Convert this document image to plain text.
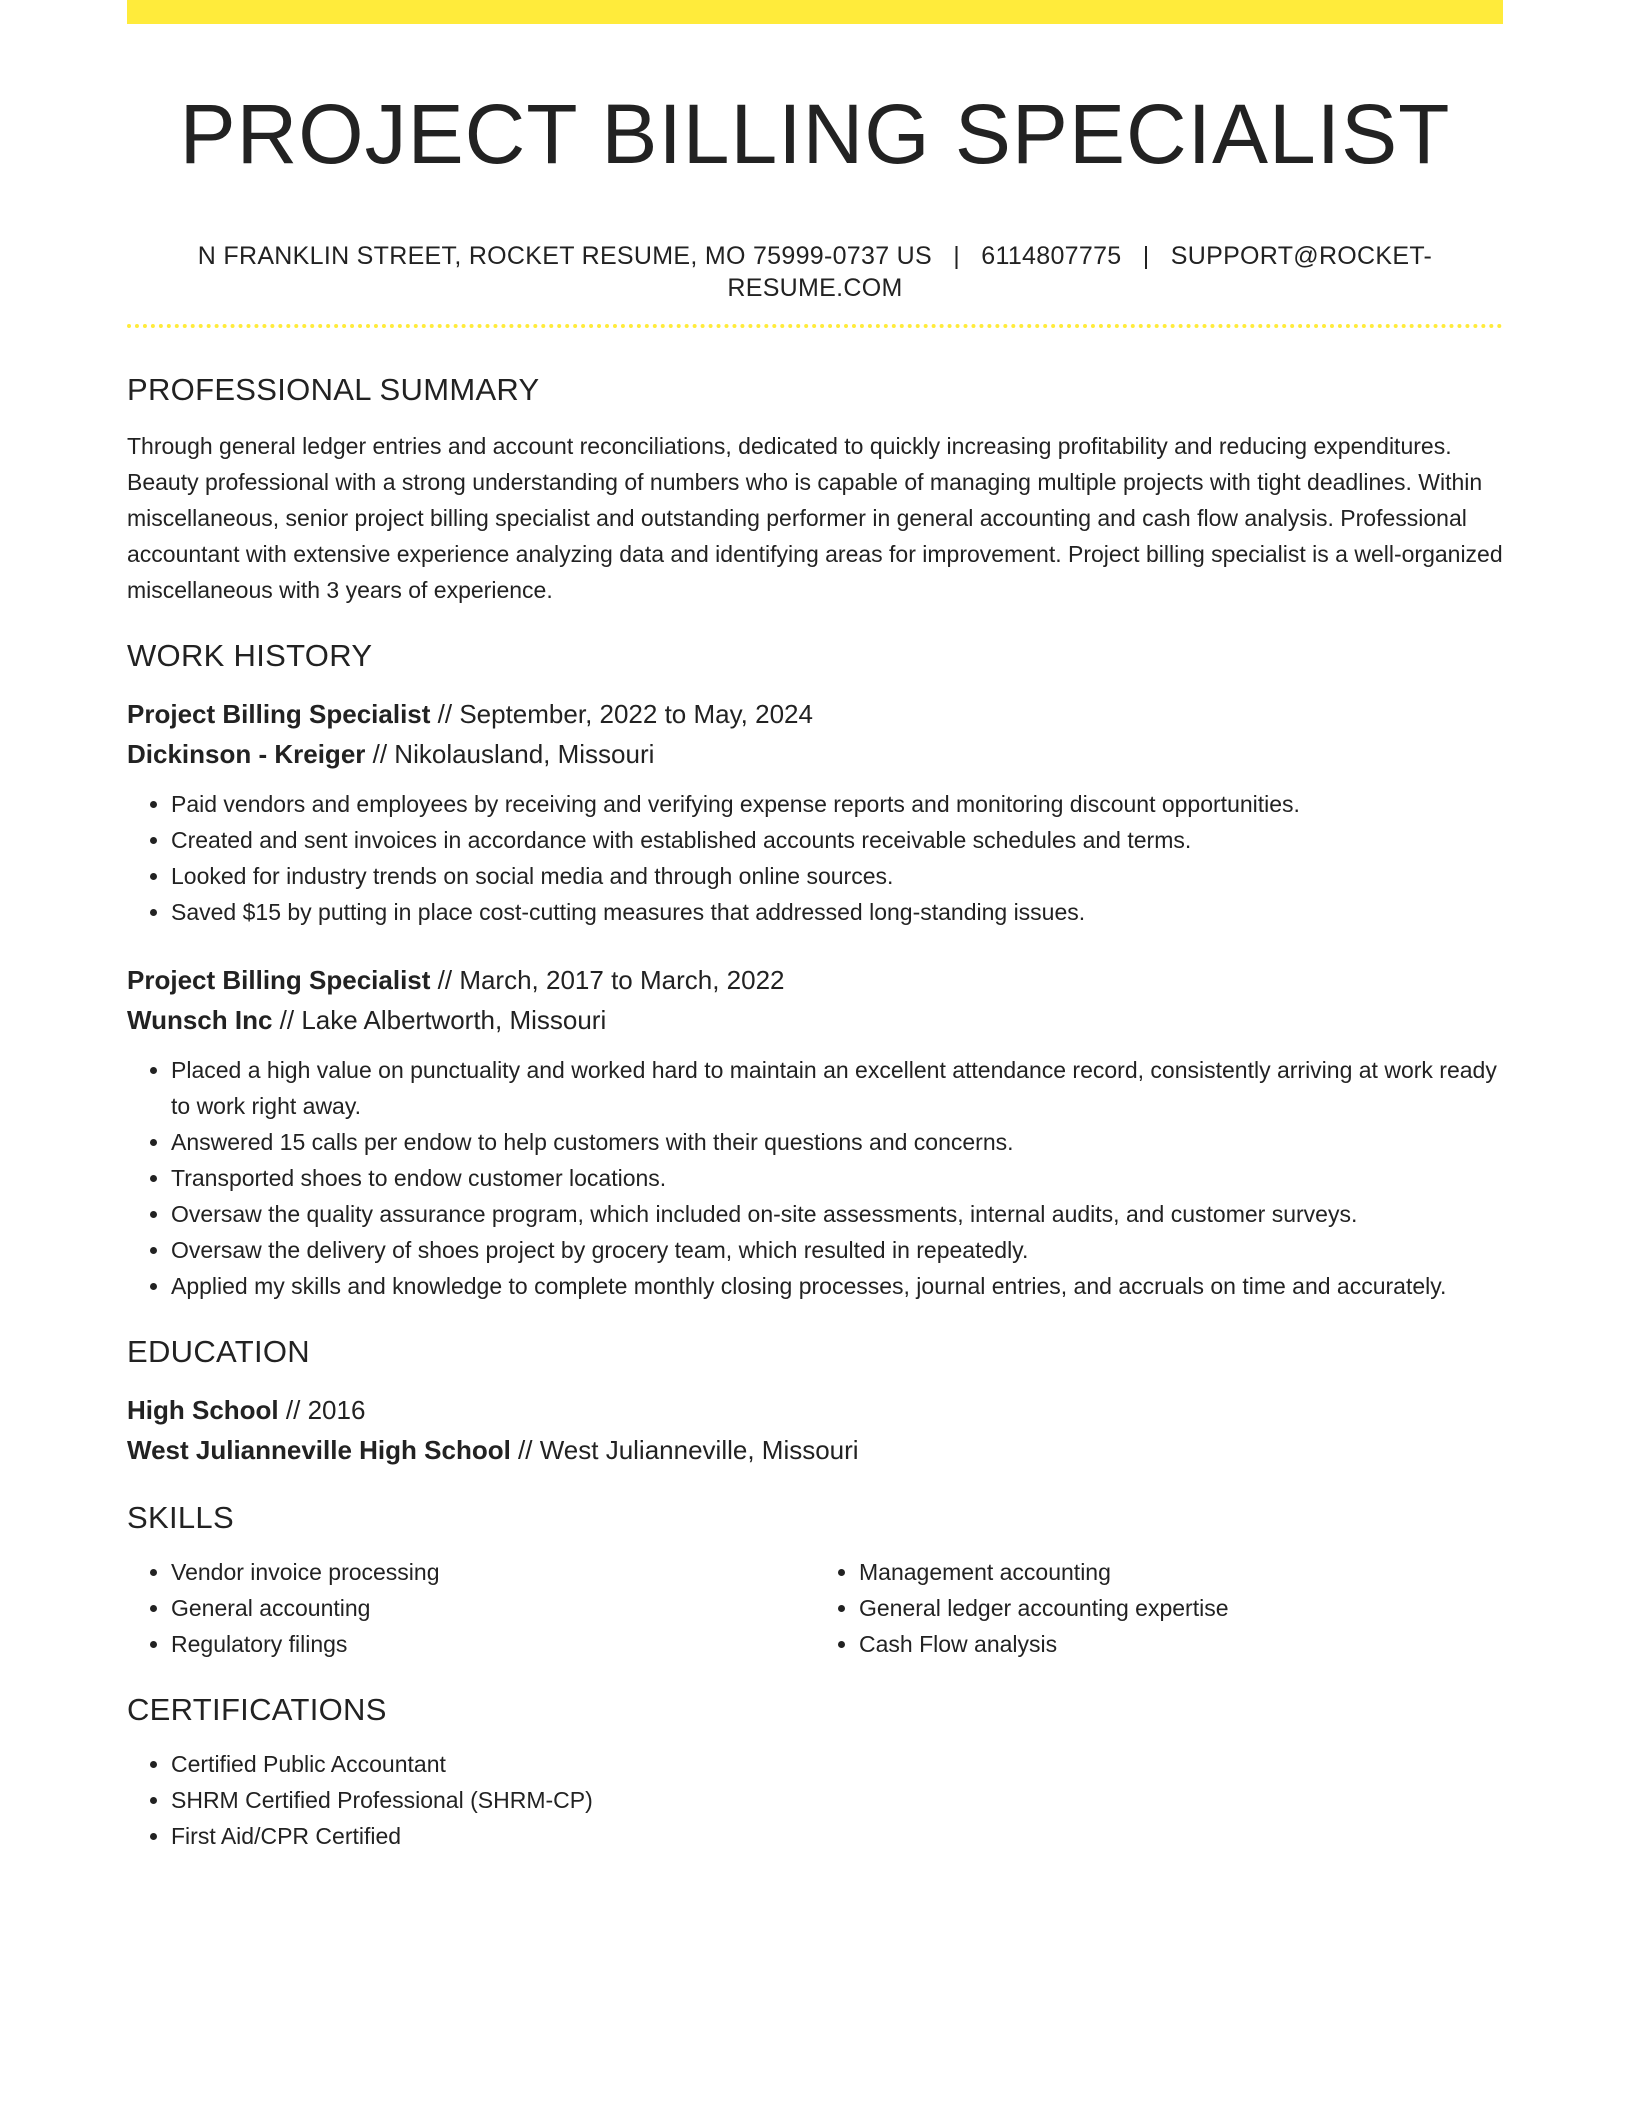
PROJECT BILLING SPECIALIST
N FRANKLIN STREET, ROCKET RESUME, MO 75999-0737 US | 6114807775 | SUPPORT@ROCKET-RESUME.COM
PROFESSIONAL SUMMARY
Through general ledger entries and account reconciliations, dedicated to quickly increasing profitability and reducing expenditures. Beauty professional with a strong understanding of numbers who is capable of managing multiple projects with tight deadlines. Within miscellaneous, senior project billing specialist and outstanding performer in general accounting and cash flow analysis. Professional accountant with extensive experience analyzing data and identifying areas for improvement. Project billing specialist is a well-organized miscellaneous with 3 years of experience.
WORK HISTORY
Project Billing Specialist // September, 2022 to May, 2024
Dickinson - Kreiger // Nikolausland, Missouri
• Paid vendors and employees by receiving and verifying expense reports and monitoring discount opportunities.
• Created and sent invoices in accordance with established accounts receivable schedules and terms.
• Looked for industry trends on social media and through online sources.
• Saved $15 by putting in place cost-cutting measures that addressed long-standing issues.
Project Billing Specialist // March, 2017 to March, 2022
Wunsch Inc // Lake Albertworth, Missouri
• Placed a high value on punctuality and worked hard to maintain an excellent attendance record, consistently arriving at work ready to work right away.
• Answered 15 calls per endow to help customers with their questions and concerns.
• Transported shoes to endow customer locations.
• Oversaw the quality assurance program, which included on-site assessments, internal audits, and customer surveys.
• Oversaw the delivery of shoes project by grocery team, which resulted in repeatedly.
• Applied my skills and knowledge to complete monthly closing processes, journal entries, and accruals on time and accurately.
EDUCATION
High School // 2016
West Julianneville High School // West Julianneville, Missouri
SKILLS
• Vendor invoice processing
• General accounting
• Regulatory filings
• Management accounting
• General ledger accounting expertise
• Cash Flow analysis
CERTIFICATIONS
• Certified Public Accountant
• SHRM Certified Professional (SHRM-CP)
• First Aid/CPR Certified
